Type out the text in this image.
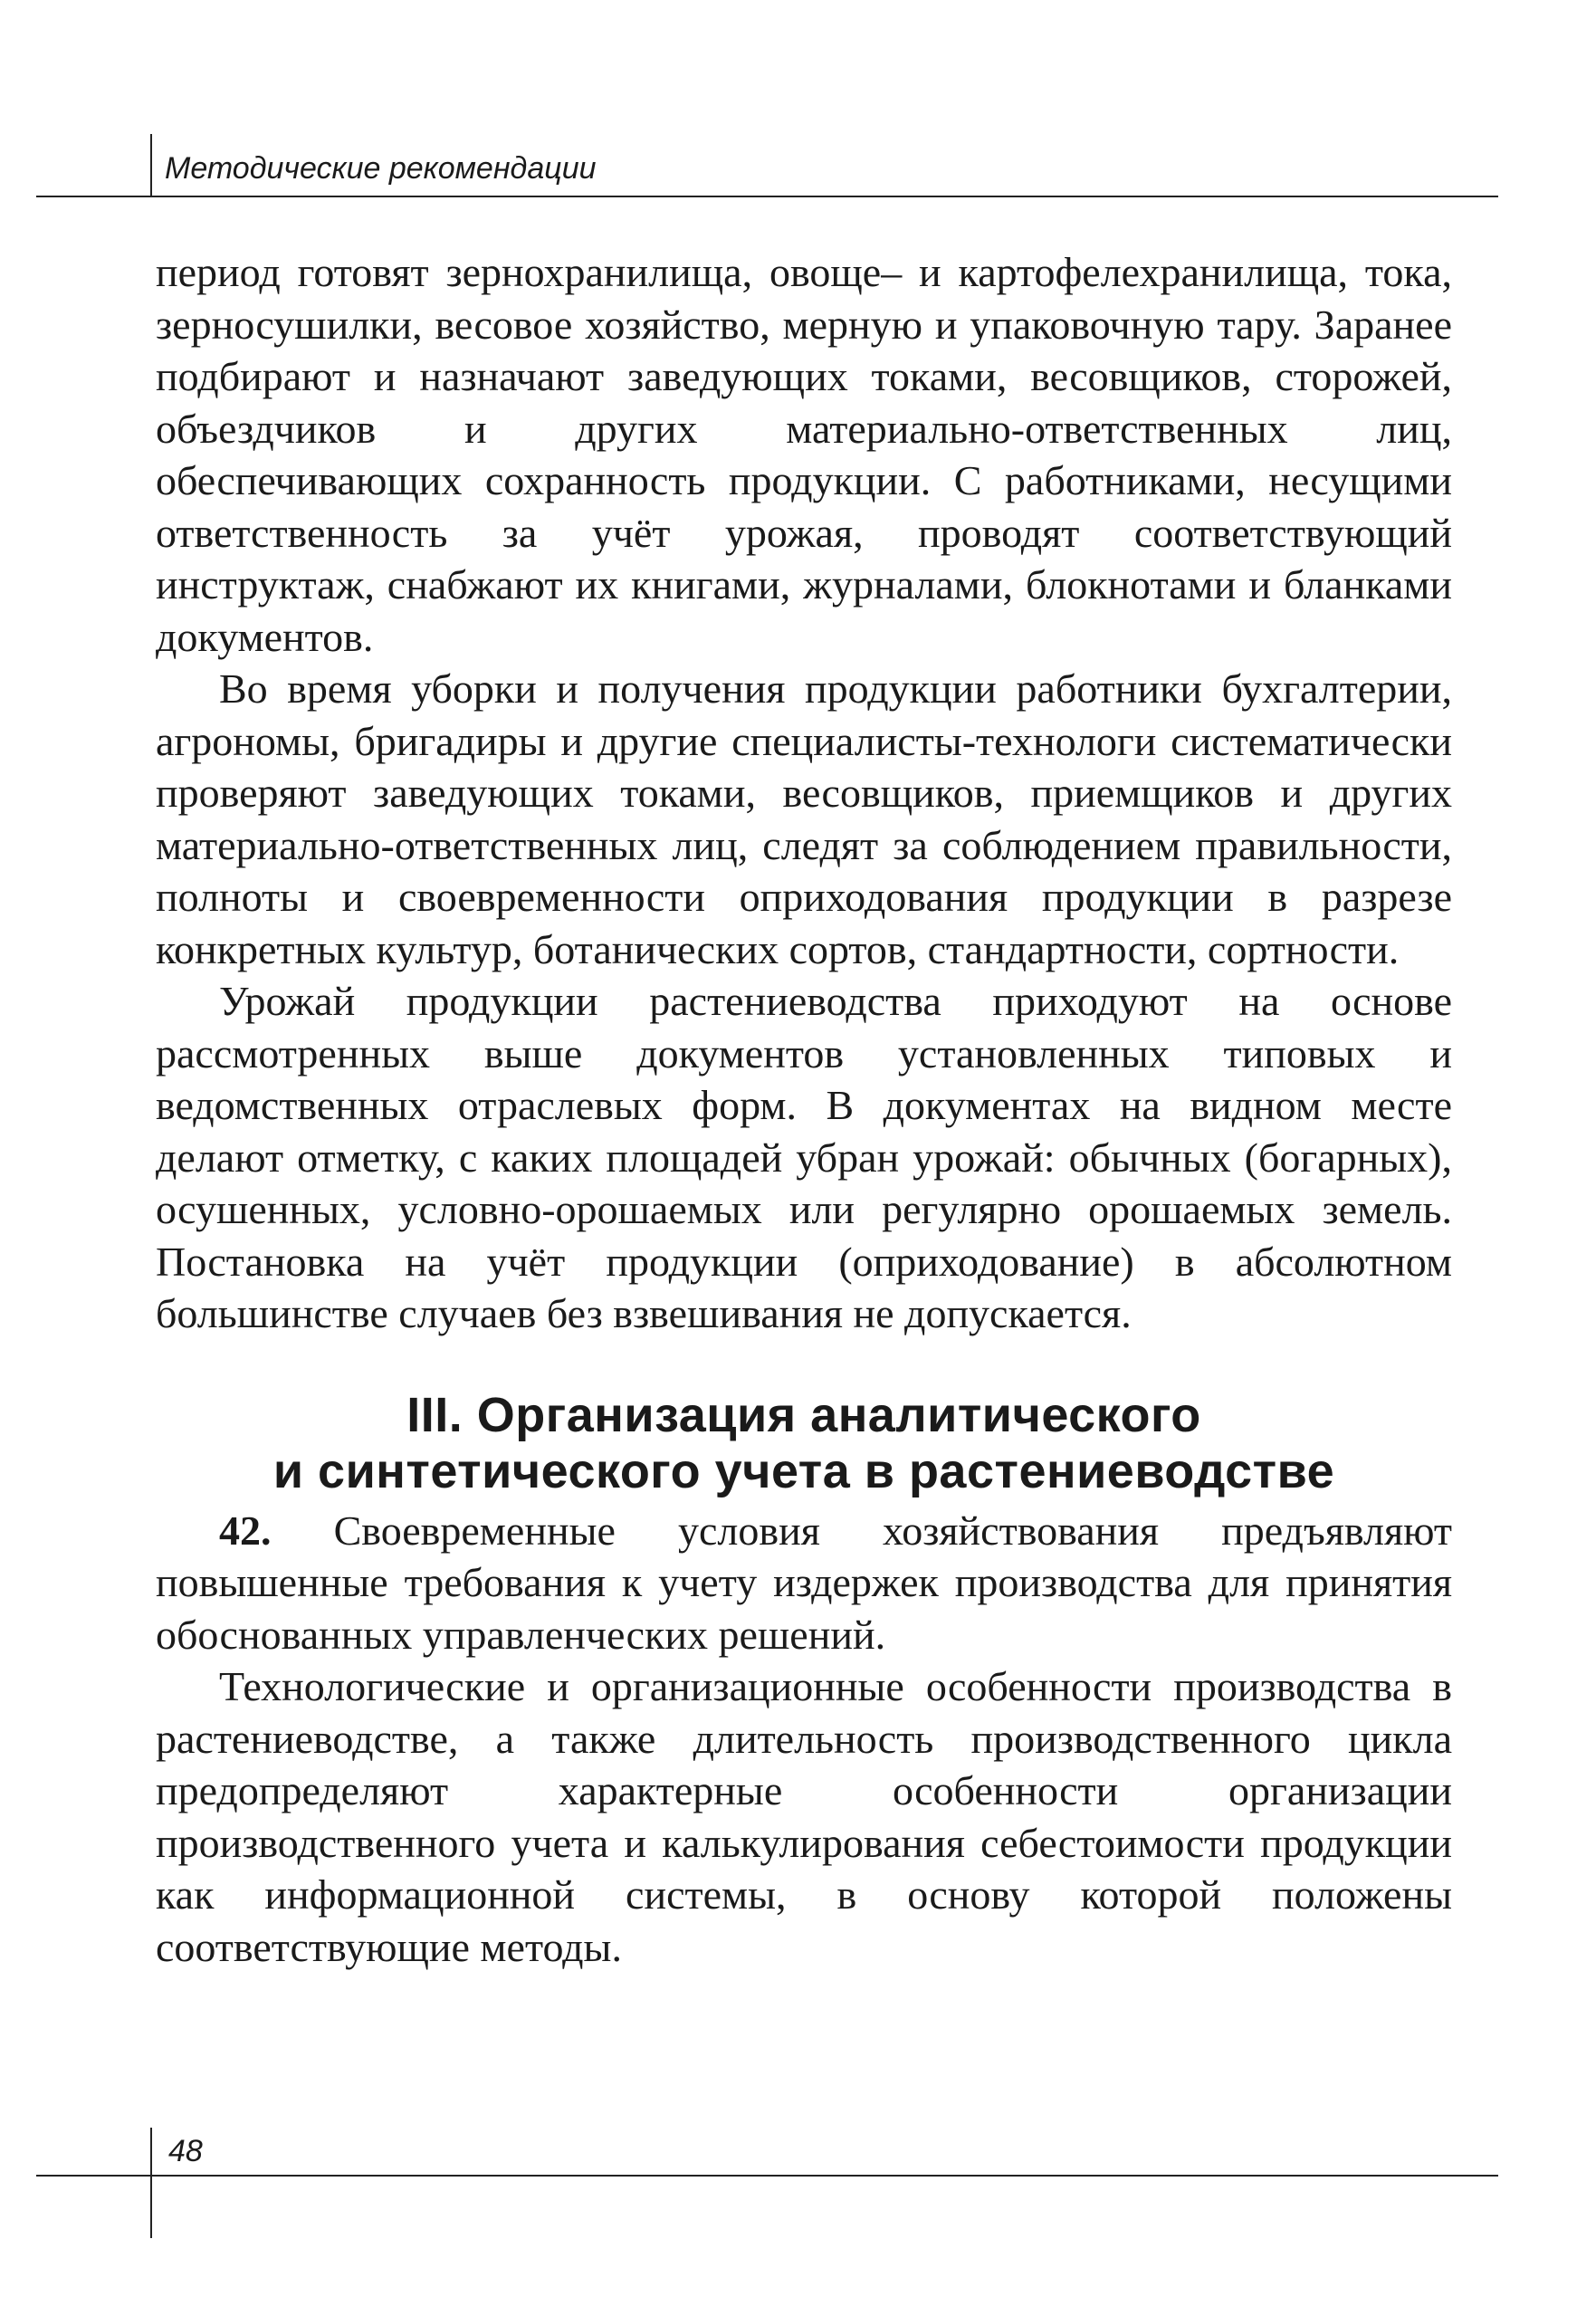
Методические рекомендации

период готовят зернохранилища, овоще– и картофелехранилища, тока, зерносушилки, весовое хозяйство, мерную и упаковочную тару. Заранее подбирают и назначают заведующих токами, весовщиков, сторожей, объездчиков и других материально-ответственных лиц, обеспечивающих сохранность продукции. С работниками, несущими ответственность за учёт урожая, проводят соответствующий инструктаж, снабжают их книгами, журналами, блокнотами и бланками документов.

Во время уборки и получения продукции работники бухгалтерии, агрономы, бригадиры и другие специалисты-технологи систематически проверяют заведующих токами, весовщиков, приемщиков и других материально-ответственных лиц, следят за соблюдением правильности, полноты и своевременности оприходования продукции в разрезе конкретных культур, ботанических сортов, стандартности, сортности.

Урожай продукции растениеводства приходуют на основе рассмотренных выше документов установленных типовых и ведомственных отраслевых форм. В документах на видном месте делают отметку, с каких площадей убран урожай: обычных (богарных), осушенных, условно-орошаемых или регулярно орошаемых земель. Постановка на учёт продукции (оприходование) в абсолютном большинстве случаев без взвешивания не допускается.

III. Организация аналитического
и синтетического учета в растениеводстве

42. Своевременные условия хозяйствования предъявляют повышенные требования к учету издержек производства для принятия обоснованных управленческих решений.

Технологические и организационные особенности производства в растениеводстве, а также длительность производственного цикла предопределяют характерные особенности организации производственного учета и калькулирования себестоимости продукции как информационной системы, в основу которой положены соответствующие методы.

48
